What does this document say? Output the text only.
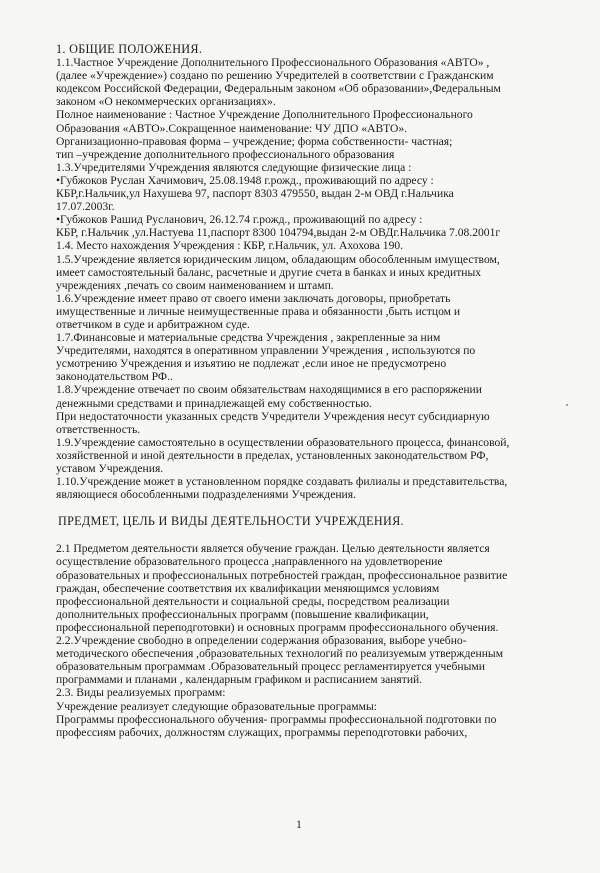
1. ОБЩИЕ ПОЛОЖЕНИЯ.
1.1.Частное Учреждение Дополнительного Профессионального Образования «АВТО» ,
(далее «Учреждение») создано по решению Учредителей в соответствии с Гражданским
кодексом Российской Федерации, Федеральным законом «Об образовании»,Федеральным
законом «О некоммерческих организациях».
Полное наименование : Частное Учреждение Дополнительного Профессионального
Образования «АВТО».Сокращенное наименование: ЧУ ДПО «АВТО».
Организационно-правовая форма – учреждение; форма собственности- частная;
тип –учреждение дополнительного профессионального образования
1.3.Учредителями Учреждения являются следующие физические лица :
•Губжоков Руслан Хачимович, 25.08.1948 г.рожд., проживающий по адресу :
КБР,г.Нальчик,ул Нахушева 97, паспорт 8303 479550, выдан 2-м ОВД г.Нальчика
17.07.2003г.
•Губжоков Рашид Русланович, 26.12.74 г.рожд., проживающий по адресу :
КБР, г.Нальчик ,ул.Настуева 11,паспорт 8300 104794,выдан 2-м ОВДг.Нальчика 7.08.2001г
1.4. Место нахождения Учреждения : КБР, г.Нальчик, ул. Ахохова 190.
1.5.Учреждение является юридическим лицом, обладающим обособленным имуществом,
имеет самостоятельный баланс, расчетные и другие счета в банках и иных кредитных
учреждениях ,печать со своим наименованием и штамп.
1.6.Учреждение имеет право от своего имени заключать договоры, приобретать
имущественные и личные неимущественные права и обязанности ,быть истцом и
ответчиком в суде и арбитражном суде.
1.7.Финансовые и материальные средства Учреждения , закрепленные за ним
Учредителями, находятся в оперативном управлении Учреждения , используются по
усмотрению Учреждения и изъятию не подлежат ,если иное не предусмотрено
законодательством РФ..
1.8.Учреждение отвечает по своим обязательствам находящимися в его распоряжении
денежными средствами и принадлежащей ему собственностью.
При недостаточности указанных средств Учредители Учреждения несут субсидиарную
ответственность.
1.9.Учреждение самостоятельно в осуществлении образовательного процесса, финансовой,
хозяйственной и иной деятельности в пределах, установленных законодательством РФ,
уставом Учреждения.
1.10.Учреждение может в установленном порядке создавать филиалы и представительства,
являющиеся обособленными подразделениями Учреждения.
ПРЕДМЕТ, ЦЕЛЬ И ВИДЫ ДЕЯТЕЛЬНОСТИ УЧРЕЖДЕНИЯ.
2.1 Предметом деятельности является обучение граждан. Целью деятельности является
осуществление образовательного процесса ,направленного на удовлетворение
образовательных и профессиональных потребностей граждан, профессиональное развитие
граждан, обеспечение соответствия их квалификации меняющимся условиям
профессиональной деятельности и социальной среды, посредством реализации
дополнительных профессиональных программ (повышение квалификации,
профессиональной переподготовки) и основных программ профессионального обучения.
2.2.Учреждение свободно в определении содержания образования, выборе учебно-
методического обеспечения ,образовательных технологий по реализуемым утвержденным
образовательным программам .Образовательный процесс регламентируется учебными
программами и планами , календарным графиком и расписанием занятий.
2.3. Виды реализуемых программ:
Учреждение реализует следующие образовательные программы:
Программы профессионального обучения- программы профессиональной подготовки по
профессиям рабочих, должностям служащих, программы переподготовки рабочих,
1
